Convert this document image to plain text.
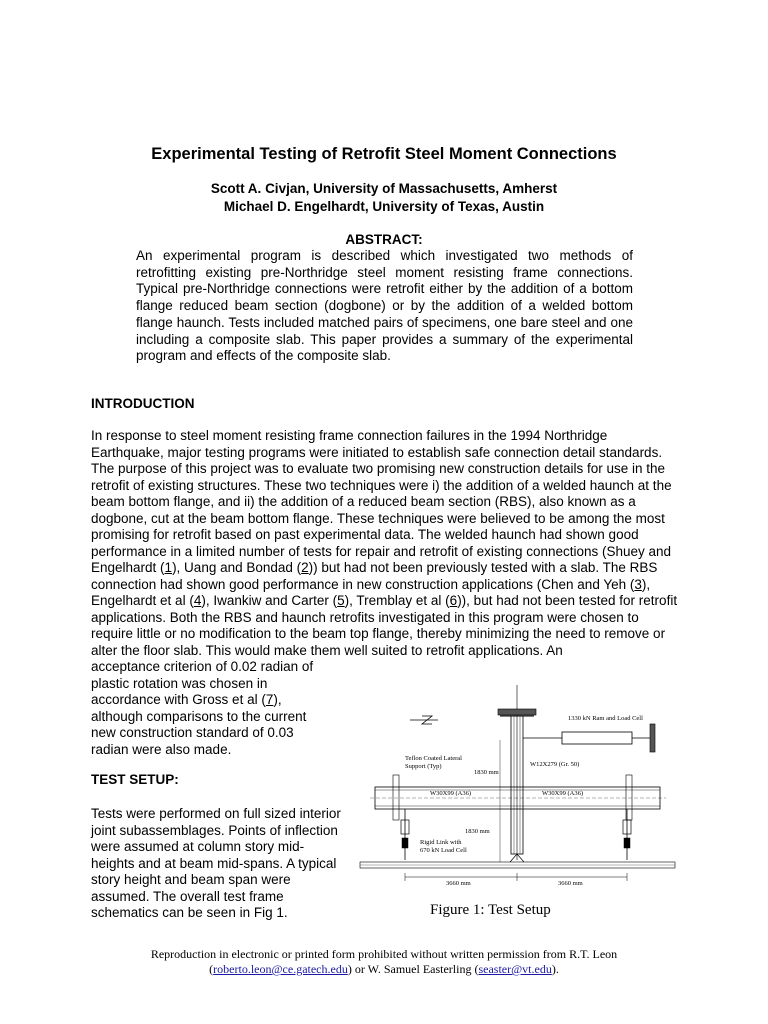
Experimental Testing of Retrofit Steel Moment Connections
Scott A. Civjan, University of Massachusetts, Amherst
Michael D. Engelhardt, University of Texas, Austin
ABSTRACT:

An experimental program is described which investigated two methods of retrofitting existing pre-Northridge steel moment resisting frame connections. Typical pre-Northridge connections were retrofit either by the addition of a bottom flange reduced beam section (dogbone) or by the addition of a welded bottom flange haunch. Tests included matched pairs of specimens, one bare steel and one including a composite slab. This paper provides a summary of the experimental program and effects of the composite slab.

INTRODUCTION

In response to steel moment resisting frame connection failures in the 1994 Northridge Earthquake, major testing programs were initiated to establish safe connection detail standards. The purpose of this project was to evaluate two promising new construction details for use in the retrofit of existing structures. These two techniques were i) the addition of a welded haunch at the beam bottom flange, and ii) the addition of a reduced beam section (RBS), also known as a dogbone, cut at the beam bottom flange. These techniques were believed to be among the most promising for retrofit based on past experimental data. The welded haunch had shown good performance in a limited number of tests for repair and retrofit of existing connections (Shuey and Engelhardt (1), Uang and Bondad (2)) but had not been previously tested with a slab. The RBS connection had shown good performance in new construction applications (Chen and Yeh (3), Engelhardt et al (4), Iwankiw and Carter (5), Tremblay et al (6)), but had not been tested for retrofit applications. Both the RBS and haunch retrofits investigated in this program were chosen to require little or no modification to the beam top flange, thereby minimizing the need to remove or alter the floor slab. This would make them well suited to retrofit applications. An

acceptance criterion of 0.02 radian of plastic rotation was chosen in accordance with Gross et al (7), although comparisons to the current new construction standard of 0.03 radian were also made.

TEST SETUP:

Tests were performed on full sized interior joint subassemblages. Points of inflection were assumed at column story mid-heights and at beam mid-spans. A typical story height and beam span were assumed. The overall test frame schematics can be seen in Fig 1.

1330 kN Ram and Load Cell
W12X279 (Gr. 50)
Teflon Coated Lateral
Support (Typ)
1830 mm
1830 mm
W30X99 (A36)	W30X99 (A36)
Rigid Link with
670 kN Load Cell
3660 mm	3660 mm
Figure 1: Test Setup
Reproduction in electronic or printed form prohibited without written permission from R.T. Leon
(roberto.leon@ce.gatech.edu) or W. Samuel Easterling (seaster@vt.edu).
